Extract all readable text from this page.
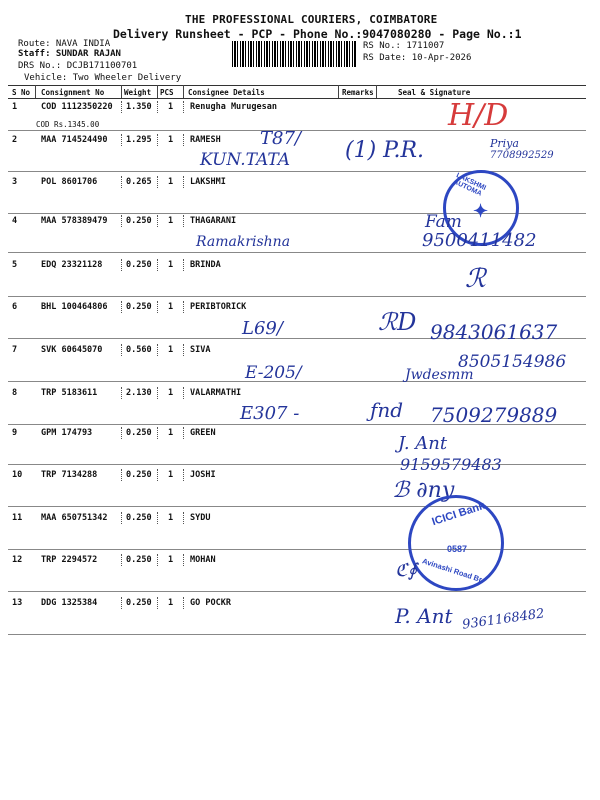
THE PROFESSIONAL COURIERS, COIMBATORE
Delivery Runsheet - PCP - Phone No.:9047080280 - Page No.:1
Route: NAVA INDIA
Staff: SUNDAR RAJAN
DRS No.: DCJB171100701
Vehicle: Two Wheeler Delivery
RS No.: 1711007
RS Date: 10-Apr-2026
S No Consignment No	Weight PCS Consignee Details	Remarks	Seal & Signature
1	COD 1112350220 1.350 1 Renugha Murugesan
COD Rs.1345.00
2	MAA 714524490 1.295 1 RAMESH
3	POL 8601706	0.265 1 LAKSHMI
4	MAA 578389479 0.250 1 THAGARANI
5	EDQ 23321128	0.250 1 BRINDA
6	BHL 100464806 0.250 1 PERIBTORICK
7	SVK 60645070	0.560 1 SIVA
8	TRP 5183611	2.130 1 VALARMATHI
9	GPM 174793	0.250 1 GREEN
10 TRP 7134288	0.250 1 JOSHI
11 MAA 650751342 0.250 1 SYDU
12 TRP 2294572	0.250 1 MOHAN
13 DDG 1325384	0.250 1 GO POCKR
H/D
T87/
KUN.TATA (1) P.R.	Priya
7708992529
LAKSHMI AUTOMA
✦
Ramakrishna
Fam
9500411482
ℛ
L69/	ℛD 9843061637
8505154986
E-205/	Jwdesmm
E307 -	ƒnd 7509279889
J. Ant
9159579483
ℬ ∂ny
ICICI Bank
0587
Avinashi Road Br.
ℭ∮
P. Ant 9361168482
